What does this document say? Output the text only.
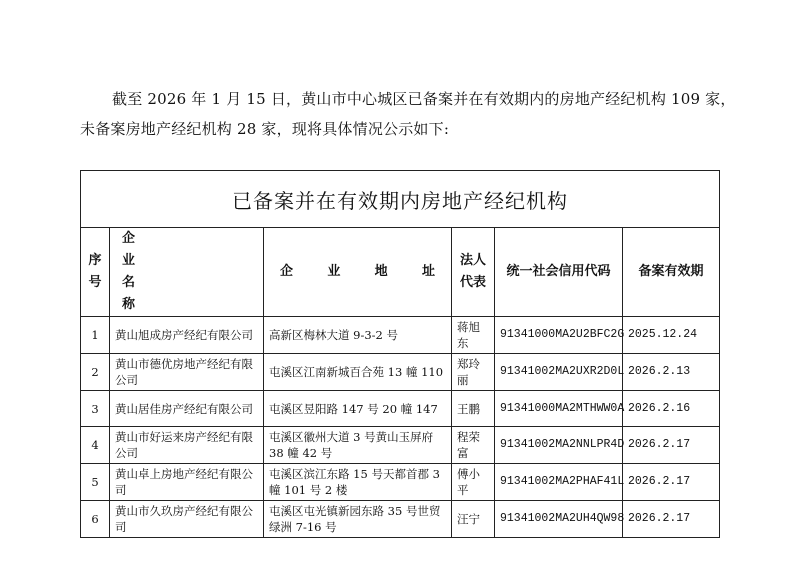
截至 2026 年 1 月 15 日，黄山市中心城区已备案并在有效期内的房地产经纪机构 109 家，

未备案房地产经纪机构 28 家，现将具体情况公示如下:

已备案并在有效期内房地产经纪机构					
序号	企 业 名 称	企 业 地 址	法人代表	统一社会信用代码	备案有效期
1	黄山旭成房产经纪有限公司	高新区梅林大道 9-3-2 号	蒋旭东	91341000MA2U2BFC2G	2025.12.24
2	黄山市德优房地产经纪有限公司	屯溪区江南新城百合苑 13 幢 110	郑玲丽	91341002MA2UXR2D0L	2026.2.13
3	黄山居佳房产经纪有限公司	屯溪区昱阳路 147 号 20 幢 147	王鹏	91341000MA2MTHWW0A	2026.2.16
4	黄山市好运来房产经纪有限公司	屯溪区徽州大道 3 号黄山玉屏府 38 幢 42 号	程荣富	91341002MA2NNLPR4D	2026.2.17
5	黄山卓上房地产经纪有限公司	屯溪区滨江东路 15 号天都首郡 3 幢 101 号 2 楼	傅小平	91341002MA2PHAF41L	2026.2.17
6	黄山市久玖房产经纪有限公司	屯溪区屯光镇新园东路 35 号世贸绿洲 7-16 号	汪宁	91341002MA2UH4QW98	2026.2.17
